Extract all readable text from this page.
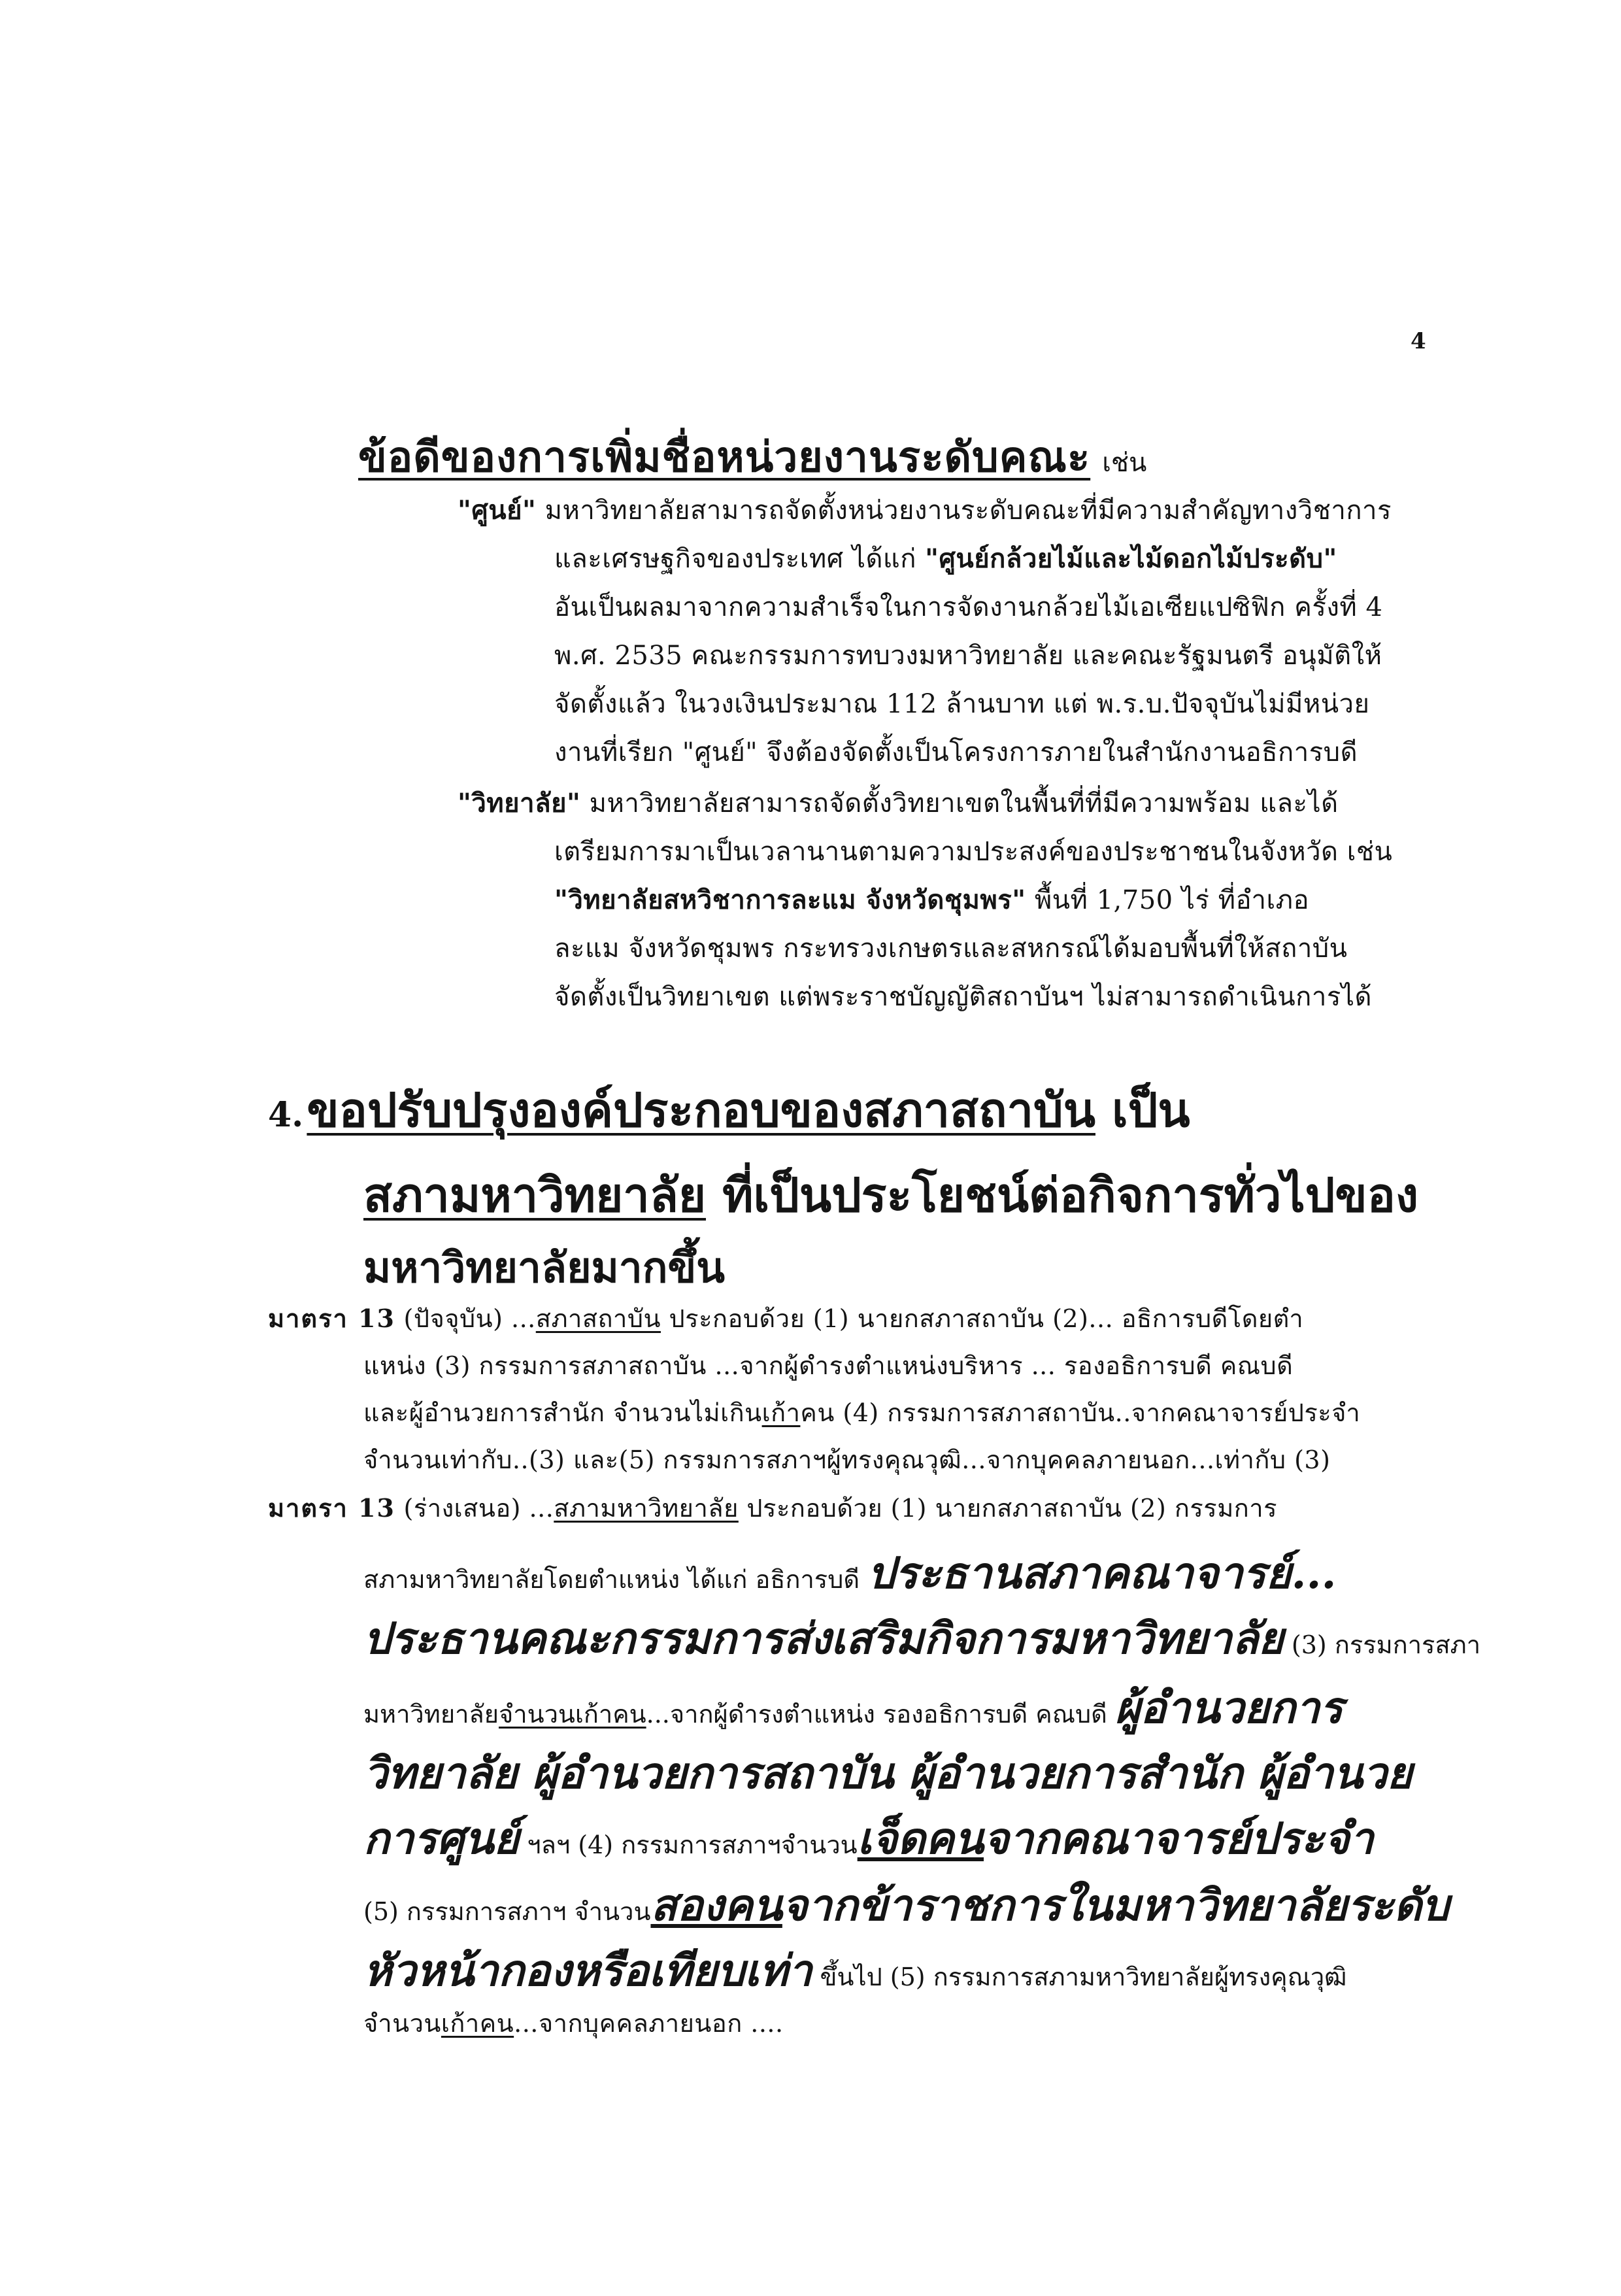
4
ข้อดีของการเพิ่มชื่อหน่วยงานระดับคณะ เช่น
"ศูนย์" มหาวิทยาลัยสามารถจัดตั้งหน่วยงานระดับคณะที่มีความสำคัญทางวิชาการ
และเศรษฐกิจของประเทศ ได้แก่ "ศูนย์กล้วยไม้และไม้ดอกไม้ประดับ"
อันเป็นผลมาจากความสำเร็จในการจัดงานกล้วยไม้เอเซียแปซิฟิก ครั้งที่ 4
พ.ศ. 2535 คณะกรรมการทบวงมหาวิทยาลัย และคณะรัฐมนตรี อนุมัติให้
จัดตั้งแล้ว ในวงเงินประมาณ 112 ล้านบาท แต่ พ.ร.บ.ปัจจุบันไม่มีหน่วย
งานที่เรียก "ศูนย์" จึงต้องจัดตั้งเป็นโครงการภายในสำนักงานอธิการบดี
"วิทยาลัย" มหาวิทยาลัยสามารถจัดตั้งวิทยาเขตในพื้นที่ที่มีความพร้อม และได้
เตรียมการมาเป็นเวลานานตามความประสงค์ของประชาชนในจังหวัด เช่น
"วิทยาลัยสหวิชาการละแม จังหวัดชุมพร" พื้นที่ 1,750 ไร่ ที่อำเภอ
ละแม จังหวัดชุมพร กระทรวงเกษตรและสหกรณ์ได้มอบพื้นที่ให้สถาบัน
จัดตั้งเป็นวิทยาเขต แต่พระราชบัญญัติสถาบันฯ ไม่สามารถดำเนินการได้
4. ขอปรับปรุงองค์ประกอบของสภาสถาบัน เป็น
สภามหาวิทยาลัย ที่เป็นประโยชน์ต่อกิจการทั่วไปของ
มหาวิทยาลัยมากขึ้น
มาตรา 13 (ปัจจุบัน) ...สภาสถาบัน ประกอบด้วย (1) นายกสภาสถาบัน (2)... อธิการบดีโดยตำ
แหน่ง (3) กรรมการสภาสถาบัน ...จากผู้ดำรงตำแหน่งบริหาร ... รองอธิการบดี คณบดี
และผู้อำนวยการสำนัก จำนวนไม่เกินเก้าคน (4) กรรมการสภาสถาบัน..จากคณาจารย์ประจำ
จำนวนเท่ากับ..(3) และ(5) กรรมการสภาฯผู้ทรงคุณวุฒิ...จากบุคคลภายนอก...เท่ากับ (3)
มาตรา 13 (ร่างเสนอ) ...สภามหาวิทยาลัย ประกอบด้วย (1) นายกสภาสถาบัน (2) กรรมการ
สภามหาวิทยาลัยโดยตำแหน่ง ได้แก่ อธิการบดี ประธานสภาคณาจารย์...
ประธานคณะกรรมการส่งเสริมกิจการมหาวิทยาลัย (3) กรรมการสภา
มหาวิทยาลัยจำนวนเก้าคน...จากผู้ดำรงตำแหน่ง รองอธิการบดี คณบดี ผู้อำนวยการ
วิทยาลัย ผู้อำนวยการสถาบัน ผู้อำนวยการสำนัก ผู้อำนวย
การศูนย์ ฯลฯ (4) กรรมการสภาฯจำนวนเจ็ดคนจากคณาจารย์ประจำ
(5) กรรมการสภาฯ จำนวนสองคนจากข้าราชการในมหาวิทยาลัยระดับ
หัวหน้ากองหรือเทียบเท่า ขึ้นไป (5) กรรมการสภามหาวิทยาลัยผู้ทรงคุณวุฒิ
จำนวนเก้าคน...จากบุคคลภายนอก ....
